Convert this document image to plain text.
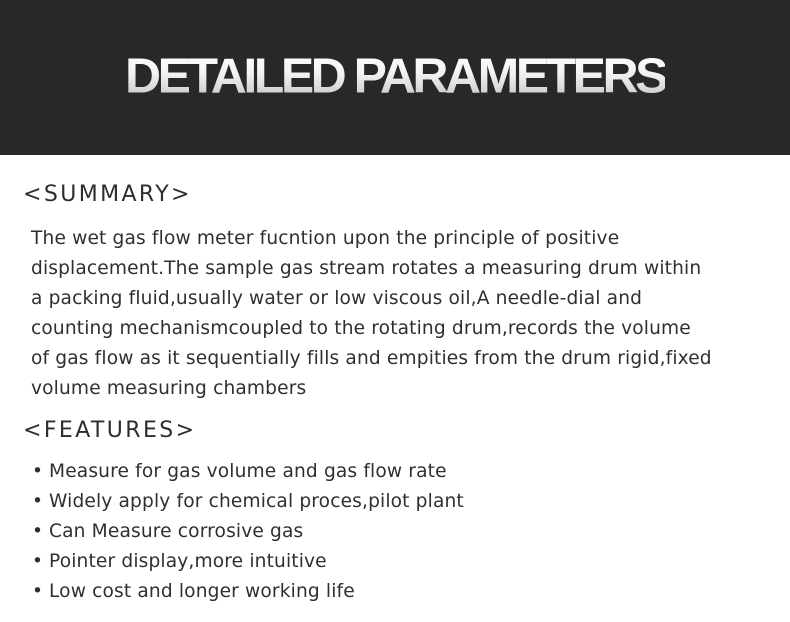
DETAILED PARAMETERS
<SUMMARY>

The wet gas flow meter fucntion upon the principle of positive
displacement.The sample gas stream rotates a measuring drum within
a packing fluid,usually water or low viscous oil,A needle-dial and
counting mechanismcoupled to the rotating drum,records the volume
of gas flow as it sequentially fills and empities from the drum rigid,fixed
volume measuring chambers

<FEATURES>
• Measure for gas volume and gas flow rate
• Widely apply for chemical proces,pilot plant
• Can Measure corrosive gas
• Pointer display,more intuitive
• Low cost and longer working life
